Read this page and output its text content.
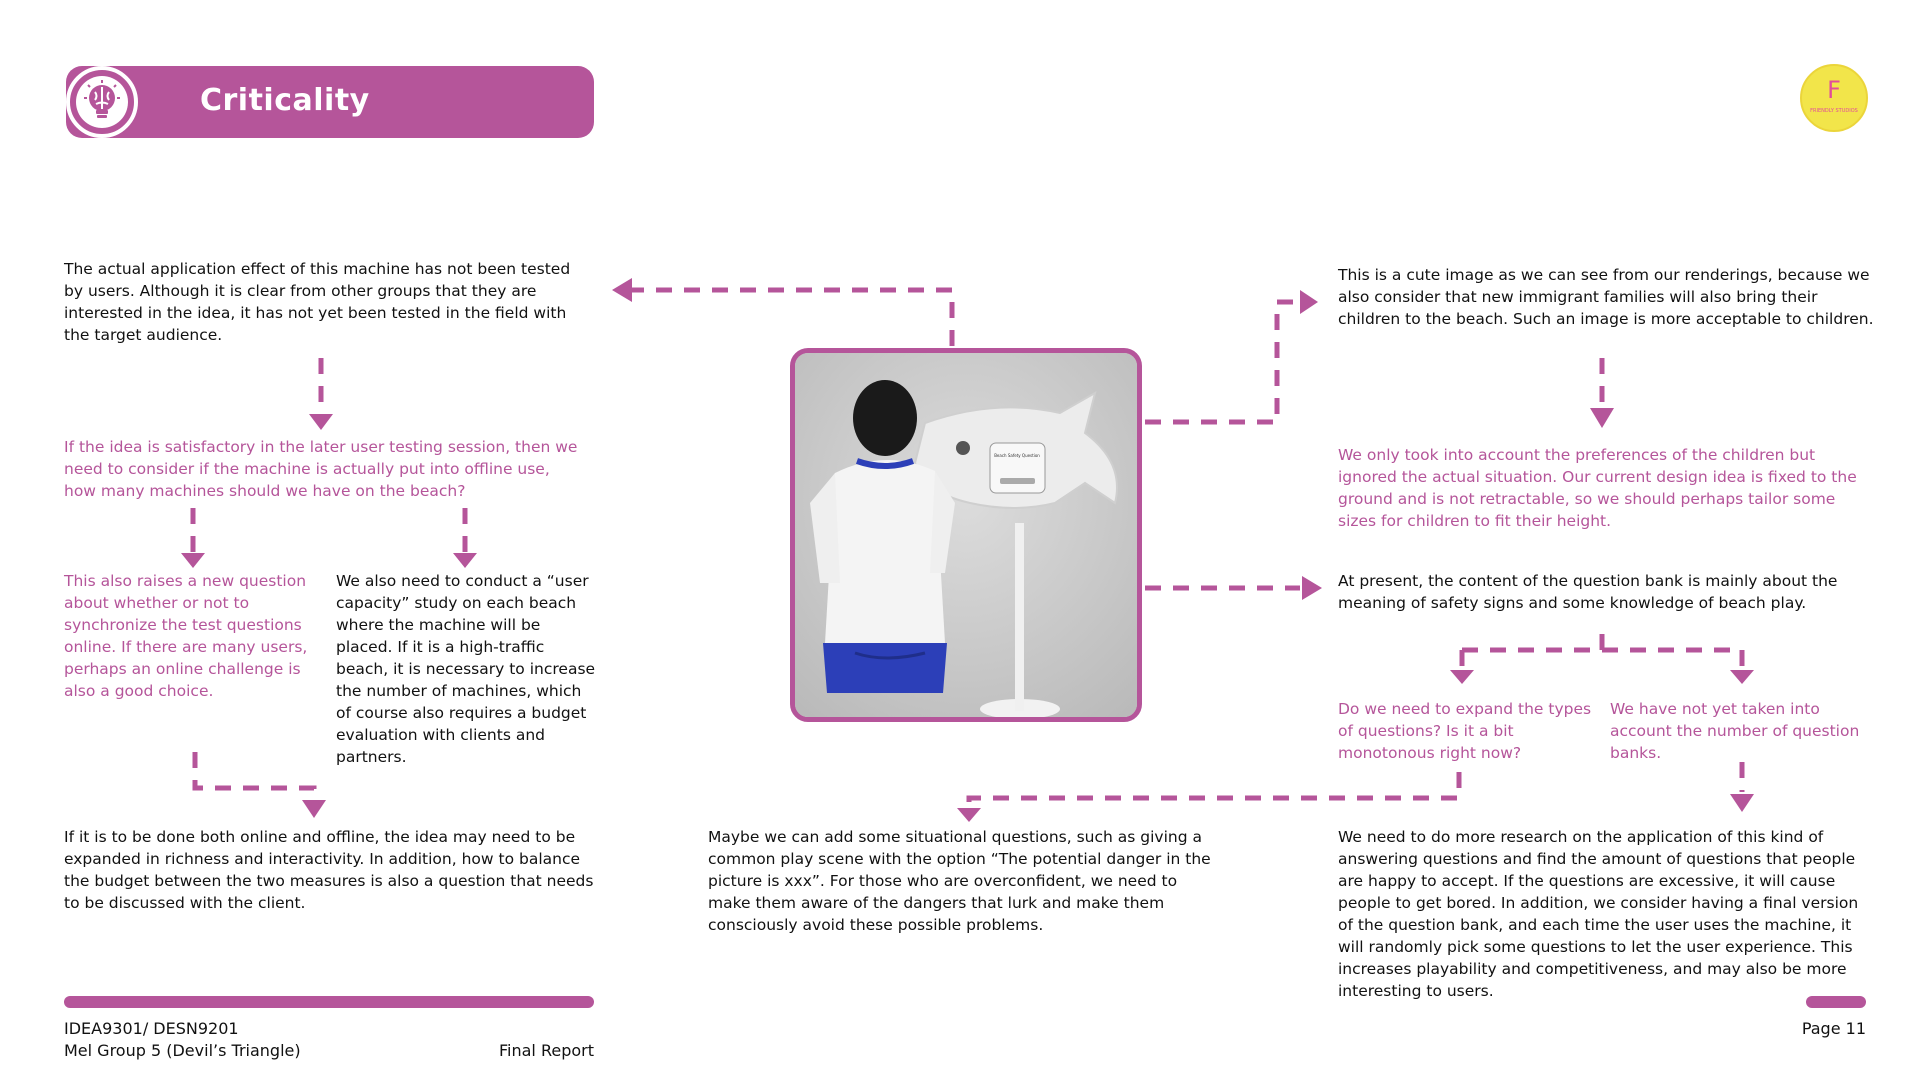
Criticality	F
FRIENDLY STUDIOS
Beach Safety Question
The actual application effect of this machine has not been tested by users. Although it is clear from other groups that they are interested in the idea, it has not yet been tested in the field with the target audience.
If the idea is satisfactory in the later user testing session, then we need to consider if the machine is actually put into offline use, how many machines should we have on the beach?
This also raises a new question about whether or not to synchronize the test questions online. If there are many users, perhaps an online challenge is also a good choice.
We also need to conduct a “user capacity” study on each beach where the machine will be placed. If it is a high-traffic beach, it is necessary to increase the number of machines, which of course also requires a budget evaluation with clients and partners.
If it is to be done both online and offline, the idea may need to be expanded in richness and interactivity. In addition, how to balance the budget between the two measures is also a question that needs to be discussed with the client.
Maybe we can add some situational questions, such as giving a common play scene with the option “The potential danger in the picture is xxx”. For those who are overconfident, we need to make them aware of the dangers that lurk and make them consciously avoid these possible problems.
This is a cute image as we can see from our renderings, because we also consider that new immigrant families will also bring their children to the beach. Such an image is more acceptable to children.
We only took into account the preferences of the children but ignored the actual situation. Our current design idea is fixed to the ground and is not retractable, so we should perhaps tailor some sizes for children to fit their height.
At present, the content of the question bank is mainly about the meaning of safety signs and some knowledge of beach play.
Do we need to expand the types of questions? Is it a bit monotonous right now?
We have not yet taken into account the number of question banks.
We need to do more research on the application of this kind of answering questions and find the amount of questions that people are happy to accept. If the questions are excessive, it will cause people to get bored. In addition, we consider having a final version of the question bank, and each time the user uses the machine, it will randomly pick some questions to let the user experience. This increases playability and competitiveness, and may also be more interesting to users.
IDEA9301/ DESN9201
Mel Group 5 (Devil’s Triangle)	Final Report
Page 11
